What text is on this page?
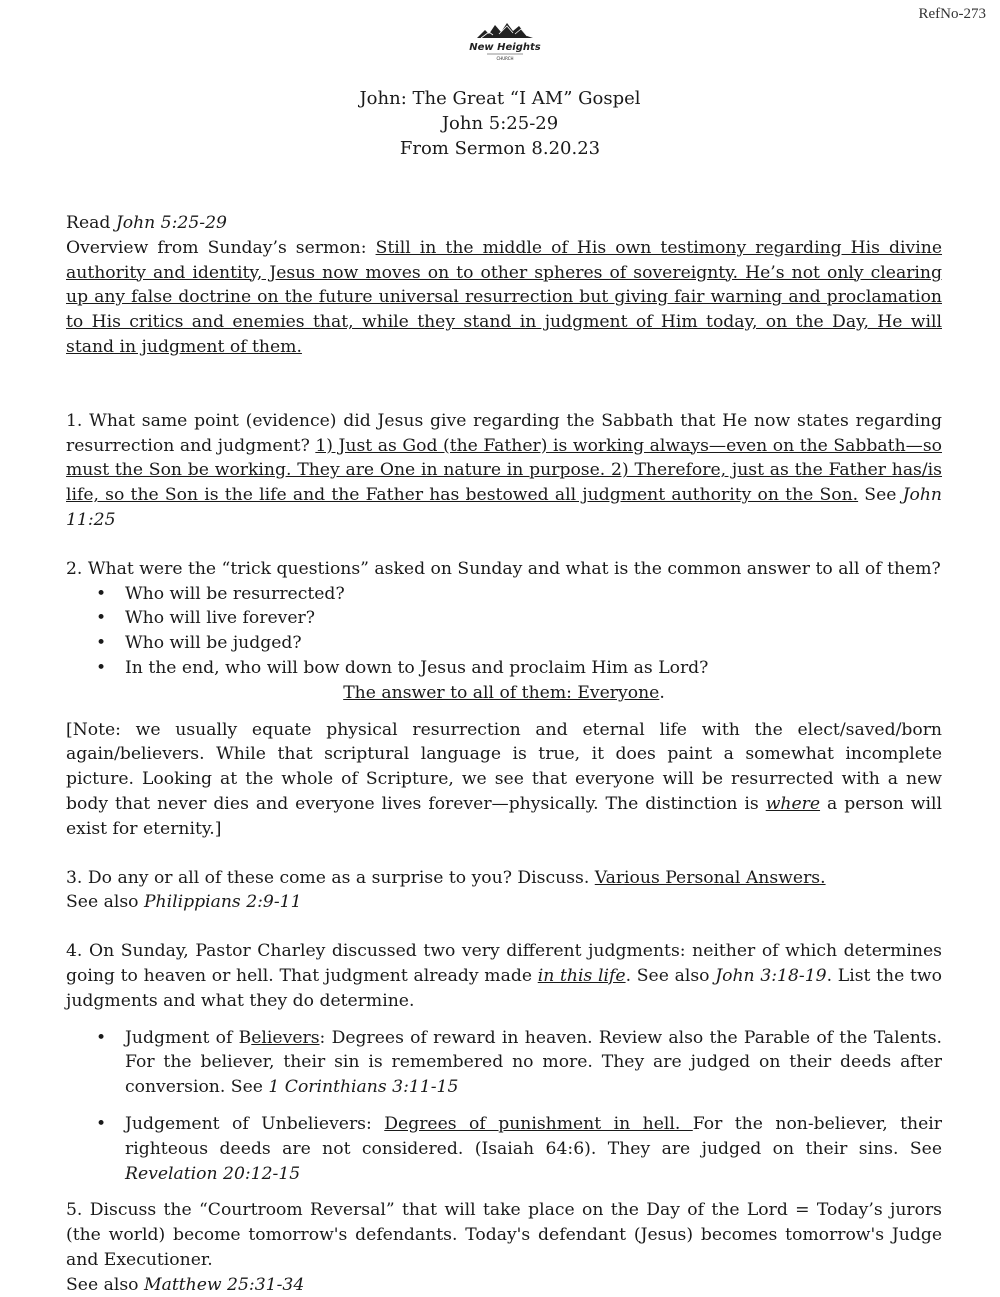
RefNo-273
New Heights
CHURCH
John: The Great “I AM” Gospel
John 5:25-29
From Sermon 8.20.23

Read John 5:25-29

Overview from Sunday’s sermon: Still in the middle of His own testimony regarding His divine authority and identity, Jesus now moves on to other spheres of sovereignty. He’s not only clearing up any false doctrine on the future universal resurrection but giving fair warning and proclamation to His critics and enemies that, while they stand in judgment of Him today, on the Day, He will stand in judgment of them.

1. What same point (evidence) did Jesus give regarding the Sabbath that He now states regarding resurrection and judgment? 1) Just as God (the Father) is working always—even on the Sabbath—so must the Son be working. They are One in nature in purpose. 2) Therefore, just as the Father has/is life, so the Son is the life and the Father has bestowed all judgment authority on the Son. See John 11:25

2. What were the “trick questions” asked on Sunday and what is the common answer to all of them?

• Who will be resurrected?
• Who will live forever?
• Who will be judged?
• In the end, who will bow down to Jesus and proclaim Him as Lord?

The answer to all of them: Everyone.

[Note: we usually equate physical resurrection and eternal life with the elect/saved/born again/believers. While that scriptural language is true, it does paint a somewhat incomplete picture. Looking at the whole of Scripture, we see that everyone will be resurrected with a new body that never dies and everyone lives forever—physically. The distinction is where a person will exist for eternity.]

3. Do any or all of these come as a surprise to you? Discuss. Various Personal Answers.

See also Philippians 2:9-11

4. On Sunday, Pastor Charley discussed two very different judgments: neither of which determines going to heaven or hell. That judgment already made in this life. See also John 3:18-19. List the two judgments and what they do determine.

• Judgment of Believers: Degrees of reward in heaven. Review also the Parable of the Talents. For the believer, their sin is remembered no more. They are judged on their deeds after conversion. See 1 Corinthians 3:11-15
• Judgement of Unbelievers: Degrees of punishment in hell. For the non-believer, their righteous deeds are not considered. (Isaiah 64:6). They are judged on their sins. See Revelation 20:12-15

5. Discuss the “Courtroom Reversal” that will take place on the Day of the Lord = Today’s jurors (the world) become tomorrow's defendants. Today's defendant (Jesus) becomes tomorrow's Judge and Executioner.

See also Matthew 25:31-34
